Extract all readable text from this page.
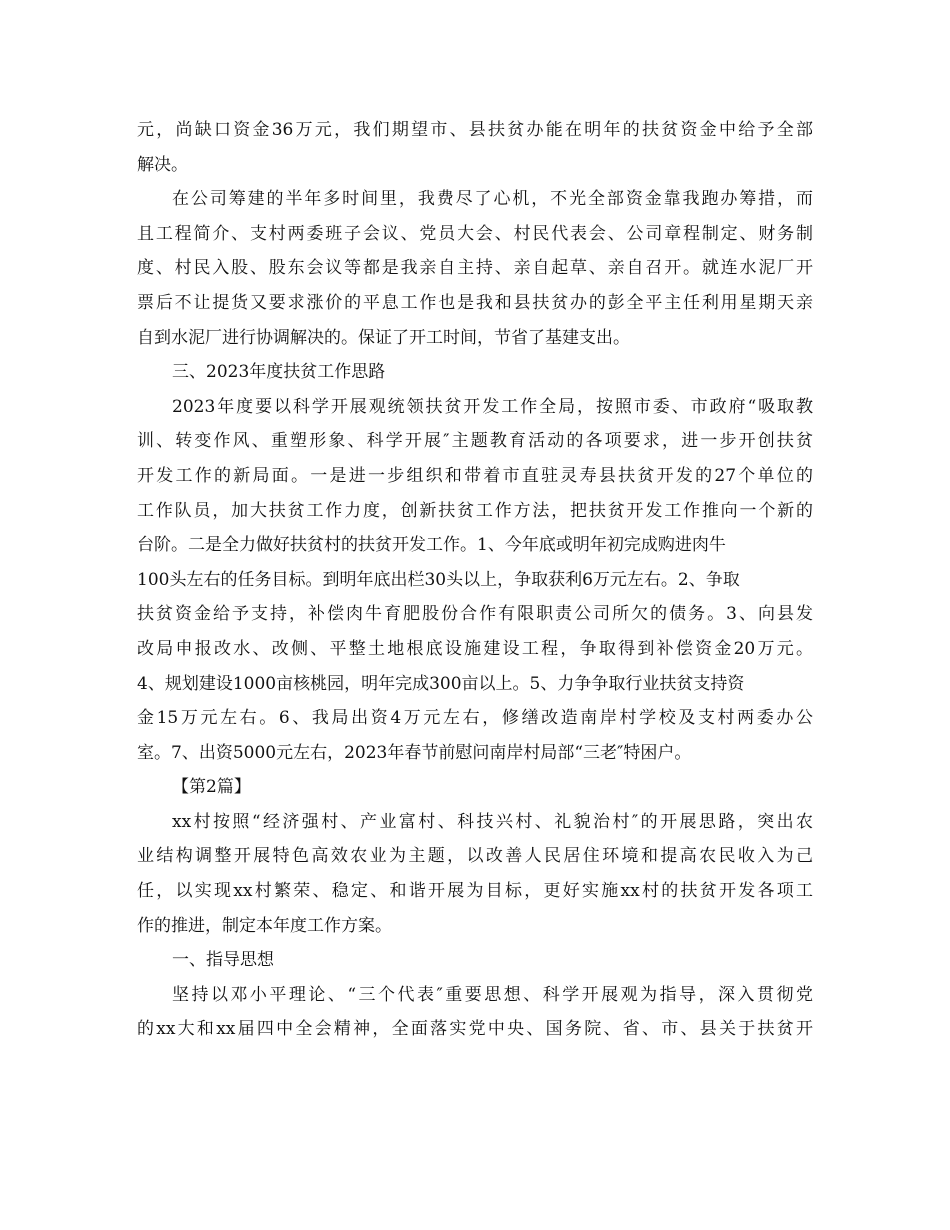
元，尚缺口资金36万元，我们期望市、县扶贫办能在明年的扶贫资金中给予全部
解决。
在公司筹建的半年多时间里，我费尽了心机，不光全部资金靠我跑办筹措，而
且工程简介、支村两委班子会议、党员大会、村民代表会、公司章程制定、财务制
度、村民入股、股东会议等都是我亲自主持、亲自起草、亲自召开。就连水泥厂开
票后不让提货又要求涨价的平息工作也是我和县扶贫办的彭全平主任利用星期天亲
自到水泥厂进行协调解决的。保证了开工时间，节省了基建支出。
三、2023年度扶贫工作思路
2023年度要以科学开展观统领扶贫开发工作全局，按照市委、市政府“吸取教
训、转变作风、重塑形象、科学开展″主题教育活动的各项要求，进一步开创扶贫
开发工作的新局面。一是进一步组织和带着市直驻灵寿县扶贫开发的27个单位的
工作队员，加大扶贫工作力度，创新扶贫工作方法，把扶贫开发工作推向一个新的
台阶。二是全力做好扶贫村的扶贫开发工作。1、今年底或明年初完成购进肉牛
100头左右的任务目标。到明年底出栏30头以上，争取获利6万元左右。2、争取
扶贫资金给予支持，补偿肉牛育肥股份合作有限职责公司所欠的债务。3、向县发
改局申报改水、改侧、平整土地根底设施建设工程，争取得到补偿资金20万元。
4、规划建设1000亩核桃园，明年完成300亩以上。5、力争争取行业扶贫支持资
金15万元左右。6、我局出资4万元左右，修缮改造南岸村学校及支村两委办公
室。7、出资5000元左右，2023年春节前慰问南岸村局部“三老″特困户。
【第2篇】
xx村按照“经济强村、产业富村、科技兴村、礼貌治村″的开展思路，突出农
业结构调整开展特色高效农业为主题，以改善人民居住环境和提高农民收入为己
任，以实现xx村繁荣、稳定、和谐开展为目标，更好实施xx村的扶贫开发各项工
作的推进，制定本年度工作方案。
一、指导思想
坚持以邓小平理论、“三个代表″重要思想、科学开展观为指导，深入贯彻党
的xx大和xx届四中全会精神，全面落实党中央、国务院、省、市、县关于扶贫开
